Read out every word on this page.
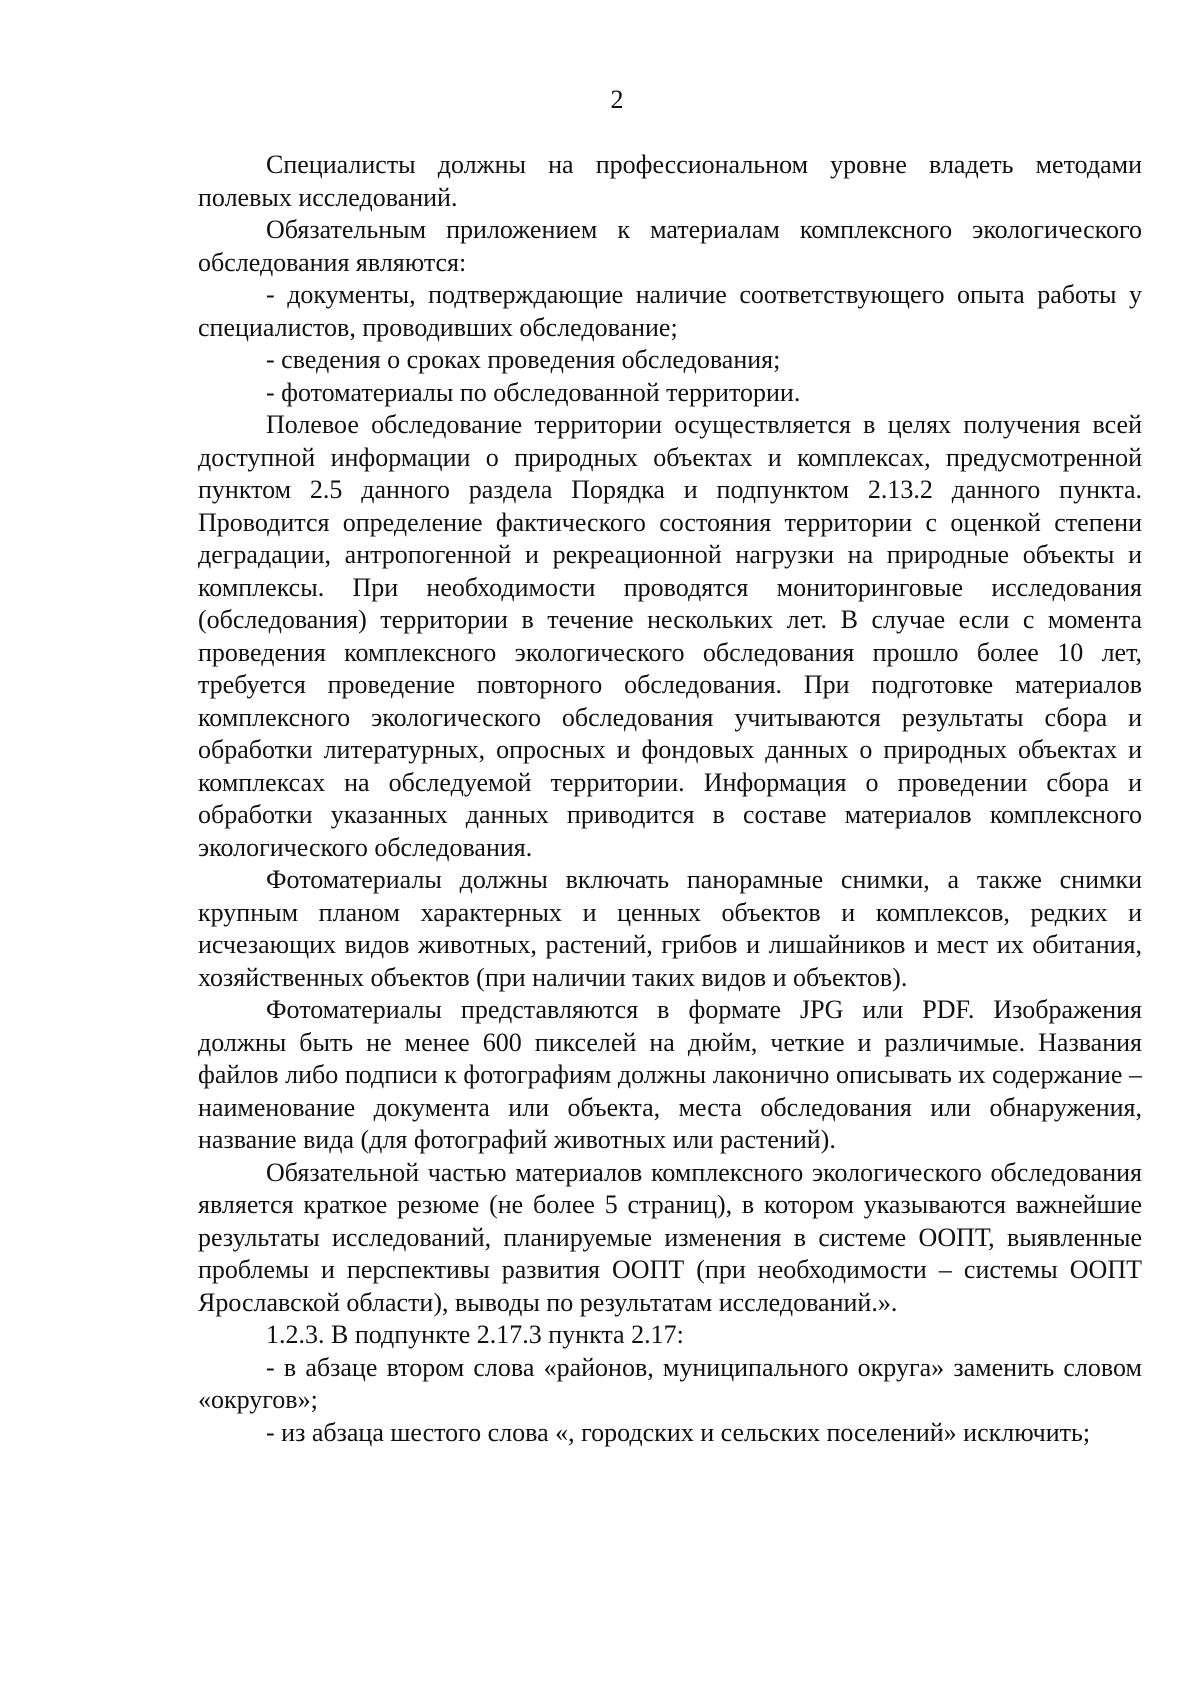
2

Специалисты должны на профессиональном уровне владеть методами полевых исследований.

Обязательным приложением к материалам комплексного экологического обследования являются:

- документы, подтверждающие наличие соответствующего опыта работы у специалистов, проводивших обследование;

- сведения о сроках проведения обследования;

- фотоматериалы по обследованной территории.

Полевое обследование территории осуществляется в целях получения всей доступной информации о природных объектах и комплексах, предусмотренной пунктом 2.5 данного раздела Порядка и подпунктом 2.13.2 данного пункта. Проводится определение фактического состояния территории с оценкой степени деградации, антропогенной и рекреационной нагрузки на природные объекты и комплексы. При необходимости проводятся мониторинговые исследования (обследования) территории в течение нескольких лет. В случае если с момента проведения комплексного экологического обследования прошло более 10 лет, требуется проведение повторного обследования. При подготовке материалов комплексного экологического обследования учитываются результаты сбора и обработки литературных, опросных и фондовых данных о природных объектах и комплексах на обследуемой территории. Информация о проведении сбора и обработки указанных данных приводится в составе материалов комплексного экологического обследования.

Фотоматериалы должны включать панорамные снимки, а также снимки крупным планом характерных и ценных объектов и комплексов, редких и исчезающих видов животных, растений, грибов и лишайников и мест их обитания, хозяйственных объектов (при наличии таких видов и объектов).

Фотоматериалы представляются в формате JPG или PDF. Изображения должны быть не менее 600 пикселей на дюйм, четкие и различимые. Названия файлов либо подписи к фотографиям должны лаконично описывать их содержание – наименование документа или объекта, места обследования или обнаружения, название вида (для фотографий животных или растений).

Обязательной частью материалов комплексного экологического обследования является краткое резюме (не более 5 страниц), в котором указываются важнейшие результаты исследований, планируемые изменения в системе ООПТ, выявленные проблемы и перспективы развития ООПТ (при необходимости – системы ООПТ Ярославской области), выводы по результатам исследований.».

1.2.3. В подпункте 2.17.3 пункта 2.17:

- в абзаце втором слова «районов, муниципального округа» заменить словом «округов»;

- из абзаца шестого слова «, городских и сельских поселений» исключить;
